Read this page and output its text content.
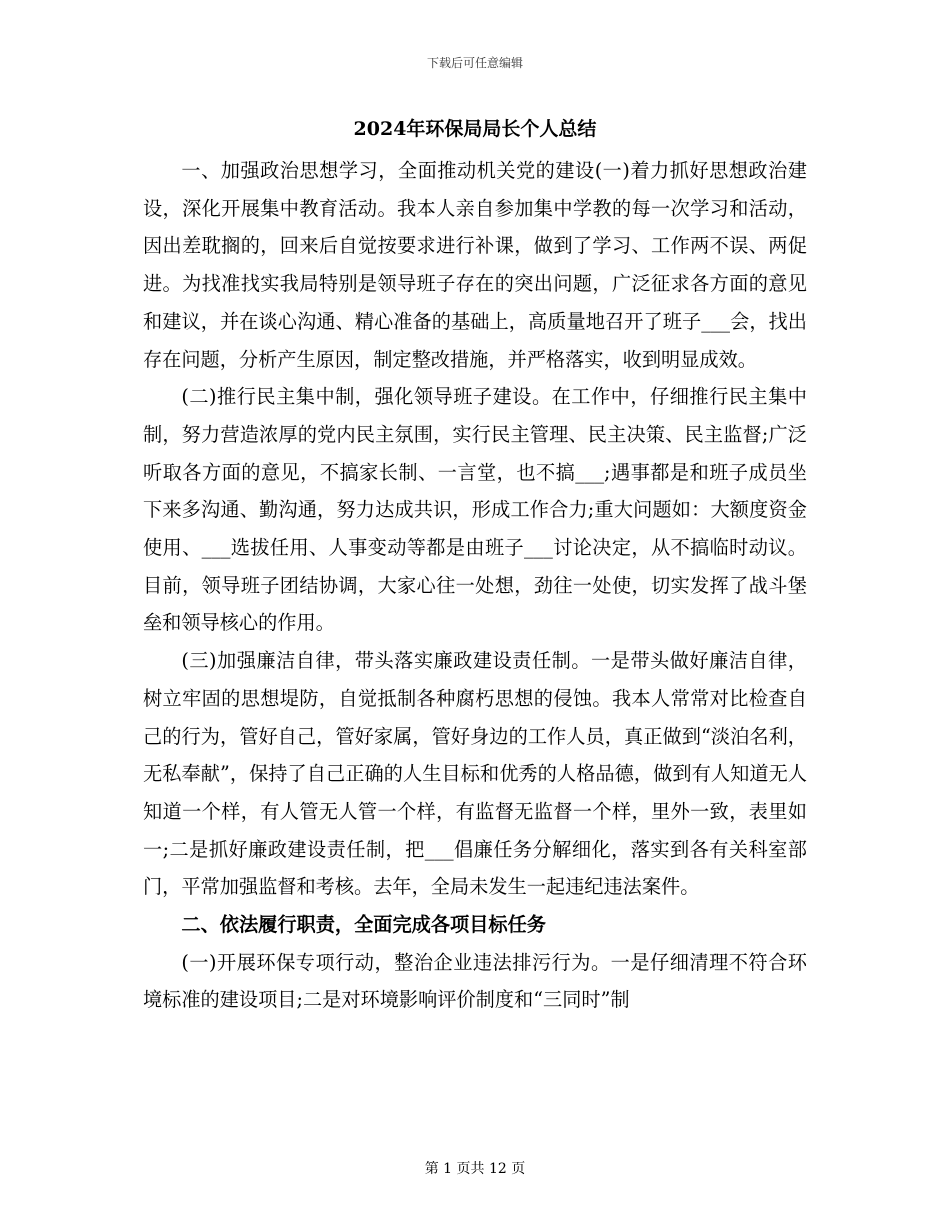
下载后可任意编辑
2024年环保局局长个人总结

一、加强政治思想学习，全面推动机关党的建设(一)着力抓好思想政治建设，深化开展集中教育活动。我本人亲自参加集中学教的每一次学习和活动，因出差耽搁的，回来后自觉按要求进行补课，做到了学习、工作两不误、两促进。为找准找实我局特别是领导班子存在的突出问题，广泛征求各方面的意见和建议，并在谈心沟通、精心准备的基础上，高质量地召开了班子___会，找出存在问题，分析产生原因，制定整改措施，并严格落实，收到明显成效。

(二)推行民主集中制，强化领导班子建设。在工作中，仔细推行民主集中制，努力营造浓厚的党内民主氛围，实行民主管理、民主决策、民主监督;广泛听取各方面的意见，不搞家长制、一言堂，也不搞___;遇事都是和班子成员坐下来多沟通、勤沟通，努力达成共识，形成工作合力;重大问题如：大额度资金使用、___选拔任用、人事变动等都是由班子___讨论决定，从不搞临时动议。目前，领导班子团结协调，大家心往一处想，劲往一处使，切实发挥了战斗堡垒和领导核心的作用。

(三)加强廉洁自律，带头落实廉政建设责任制。一是带头做好廉洁自律，树立牢固的思想堤防，自觉抵制各种腐朽思想的侵蚀。我本人常常对比检查自己的行为，管好自己，管好家属，管好身边的工作人员，真正做到“淡泊名利，无私奉献”，保持了自己正确的人生目标和优秀的人格品德，做到有人知道无人知道一个样，有人管无人管一个样，有监督无监督一个样，里外一致，表里如一;二是抓好廉政建设责任制，把___倡廉任务分解细化，落实到各有关科室部门，平常加强监督和考核。去年，全局未发生一起违纪违法案件。

二、依法履行职责，全面完成各项目标任务

(一)开展环保专项行动，整治企业违法排污行为。一是仔细清理不符合环境标准的建设项目;二是对环境影响评价制度和“三同时”制

第 1 页共 12 页
